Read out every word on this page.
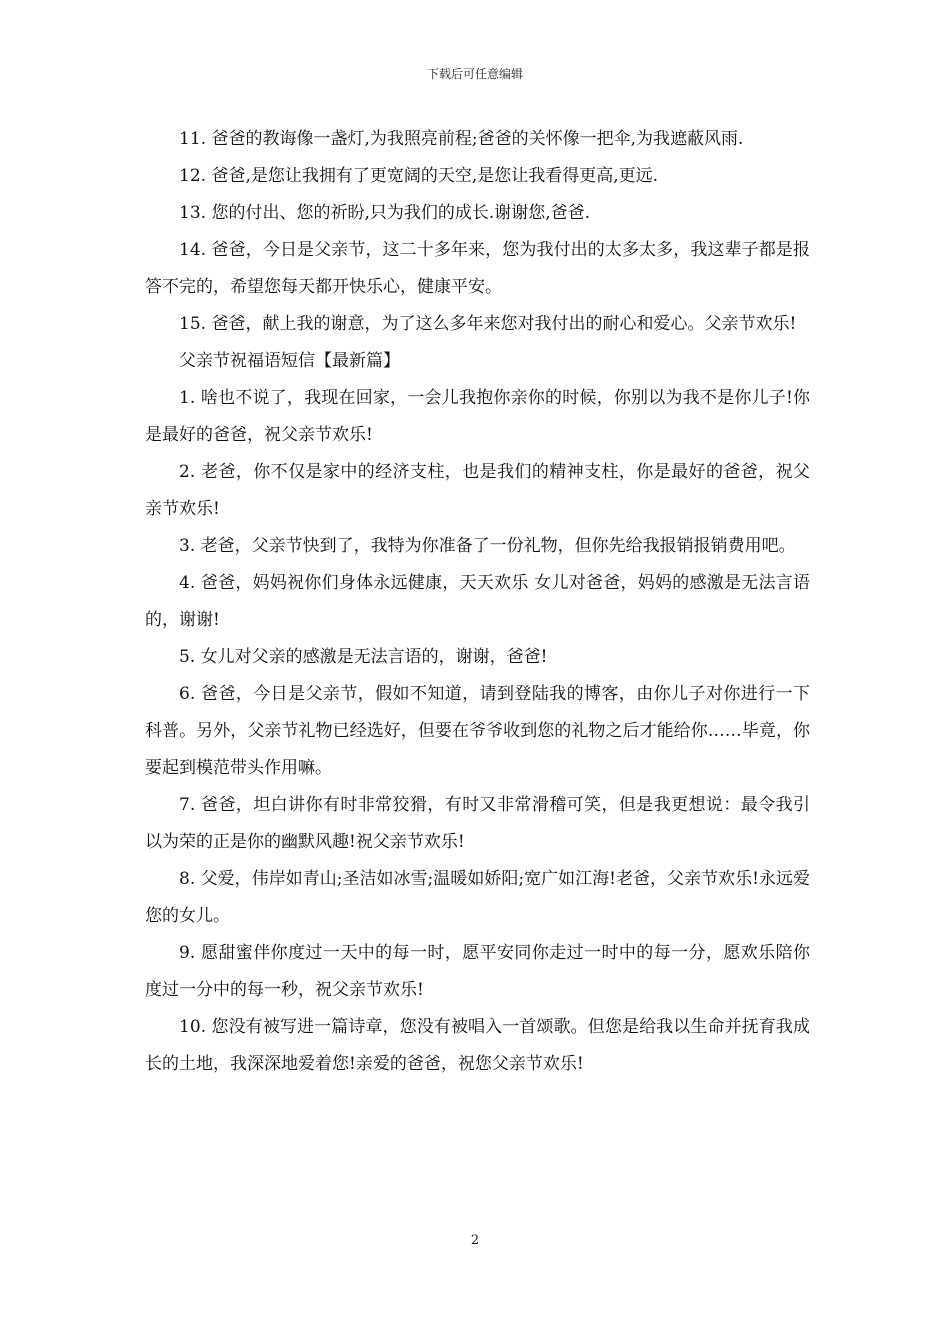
下载后可任意编辑

11. 爸爸的教诲像一盏灯,为我照亮前程;爸爸的关怀像一把伞,为我遮蔽风雨.

12. 爸爸,是您让我拥有了更宽阔的天空,是您让我看得更高,更远.

13. 您的付出、您的祈盼,只为我们的成长.谢谢您,爸爸.

14. 爸爸，今日是父亲节，这二十多年来，您为我付出的太多太多，我这辈子都是报答不完的，希望您每天都开快乐心，健康平安。

15. 爸爸，献上我的谢意，为了这么多年来您对我付出的耐心和爱心。父亲节欢乐!

父亲节祝福语短信【最新篇】

1. 啥也不说了，我现在回家，一会儿我抱你亲你的时候，你别以为我不是你儿子!你是最好的爸爸，祝父亲节欢乐!

2. 老爸，你不仅是家中的经济支柱，也是我们的精神支柱，你是最好的爸爸，祝父亲节欢乐!

3. 老爸，父亲节快到了，我特为你准备了一份礼物，但你先给我报销报销费用吧。

4. 爸爸，妈妈祝你们身体永远健康，天天欢乐 女儿对爸爸，妈妈的感激是无法言语的，谢谢!

5. 女儿对父亲的感激是无法言语的，谢谢，爸爸!

6. 爸爸，今日是父亲节，假如不知道，请到登陆我的博客，由你儿子对你进行一下科普。另外，父亲节礼物已经选好，但要在爷爷收到您的礼物之后才能给你……毕竟，你要起到模范带头作用嘛。

7. 爸爸，坦白讲你有时非常狡猾，有时又非常滑稽可笑，但是我更想说：最令我引以为荣的正是你的幽默风趣!祝父亲节欢乐!

8. 父爱，伟岸如青山;圣洁如冰雪;温暖如娇阳;宽广如江海!老爸，父亲节欢乐!永远爱您的女儿。

9. 愿甜蜜伴你度过一天中的每一时，愿平安同你走过一时中的每一分，愿欢乐陪你度过一分中的每一秒，祝父亲节欢乐!

10. 您没有被写进一篇诗章，您没有被唱入一首颂歌。但您是给我以生命并抚育我成长的土地，我深深地爱着您!亲爱的爸爸，祝您父亲节欢乐!

2
